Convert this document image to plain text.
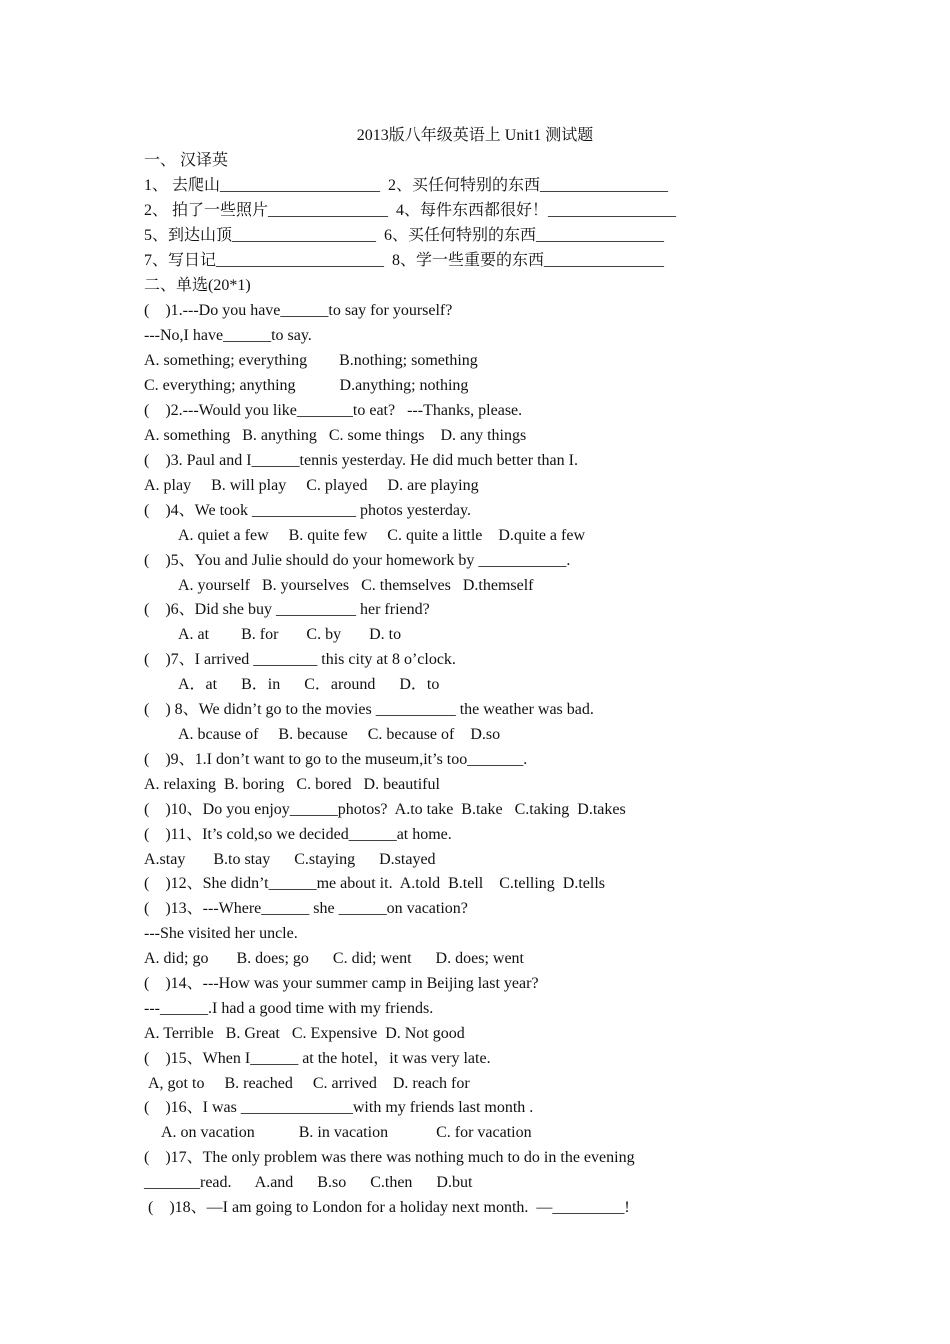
2013版八年级英语上 Unit1 测试题
一、 汉译英
1、 去爬山____________________  2、买任何特别的东西________________
2、 拍了一些照片_______________  4、每件东西都很好！________________
5、到达山顶__________________  6、买任何特别的东西________________
7、写日记_____________________  8、学一些重要的东西_______________
二、单选(20*1)
(    )1.---Do you have______to say for yourself?
---No,I have______to say.
A. something; everything        B.nothing; something
C. everything; anything           D.anything; nothing
(    )2.---Would you like_______to eat?   ---Thanks, please.
A. something   B. anything   C. some things    D. any things
(    )3. Paul and I______tennis yesterday. He did much better than I.
A. play     B. will play     C. played     D. are playing
(    )4、We took _____________ photos yesterday.
A. quiet a few     B. quite few     C. quite a little    D.quite a few
(    )5、You and Julie should do your homework by ___________.
A. yourself   B. yourselves   C. themselves   D.themself
(    )6、Did she buy __________ her friend?
A. at        B. for       C. by       D. to
(    )7、I arrived ________ this city at 8 o’clock.
A．at      B．in      C．around      D．to
(    ) 8、We didn’t go to the movies __________ the weather was bad.
A. bcause of     B. because     C. because of    D.so
(    )9、1.I don’t want to go to the museum,it’s too_______.
A. relaxing  B. boring   C. bored   D. beautiful
(    )10、Do you enjoy______photos?  A.to take  B.take   C.taking  D.takes
(    )11、It’s cold,so we decided______at home.
A.stay       B.to stay      C.staying      D.stayed
(    )12、She didn’t______me about it.  A.told  B.tell    C.telling  D.tells
(    )13、---Where______ she ______on vacation?
---She visited her uncle.
A. did; go       B. does; go      C. did; went      D. does; went
(    )14、---How was your summer camp in Beijing last year?
---______.I had a good time with my friends.
A. Terrible   B. Great   C. Expensive  D. Not good
(    )15、When I______ at the hotel，it was very late.
A, got to     B. reached     C. arrived    D. reach for
(    )16、I was ______________with my friends last month .
A. on vacation           B. in vacation            C. for vacation
(    )17、The only problem was there was nothing much to do in the evening
_______read.      A.and      B.so      C.then      D.but
(    )18、—I am going to London for a holiday next month.  —_________!
